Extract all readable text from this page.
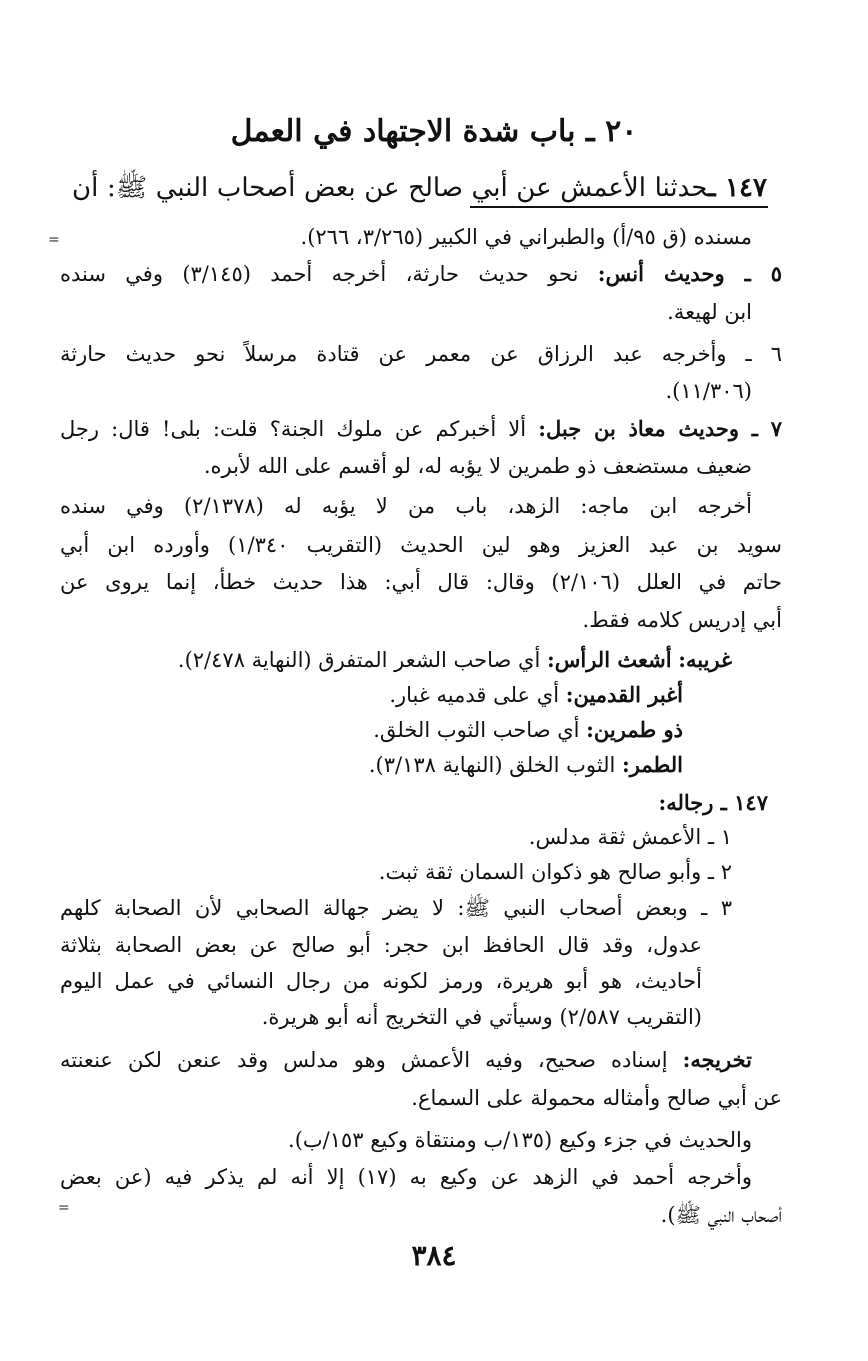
٢٠ ـ باب شدة الاجتهاد في العمل
١٤٧ ـحدثنا الأعمش عن أبي صالح عن بعض أصحاب النبي ﷺ: أن
=	مسنده (ق ٩٥/أ) والطبراني في الكبير (٣/٢٦٥، ٢٦٦).
٥ ـ وحديث أنس: نحو حديث حارثة، أخرجه أحمد (٣/١٤٥) وفي سنده
ابن لهيعة.
٦ ـ وأخرجه عبد الرزاق عن معمر عن قتادة مرسلاً نحو حديث حارثة
(١١/٣٠٦).
٧ ـ وحديث معاذ بن جبل: ألا أخبركم عن ملوك الجنة؟ قلت: بلى! قال: رجل
ضعيف مستضعف ذو طمرين لا يؤبه له، لو أقسم على الله لأبره.
أخرجه ابن ماجه: الزهد، باب من لا يؤبه له (٢/١٣٧٨) وفي سنده
سويد بن عبد العزيز وهو لين الحديث (التقريب ١/٣٤٠) وأورده ابن أبي
حاتم في العلل (٢/١٠٦) وقال: قال أبي: هذا حديث خطأ، إنما يروى عن
أبي إدريس كلامه فقط.
غريبه: أشعث الرأس: أي صاحب الشعر المتفرق (النهاية ٢/٤٧٨).
أغبر القدمين: أي على قدميه غبار.
ذو طمرين: أي صاحب الثوب الخلق.
الطمر: الثوب الخلق (النهاية ٣/١٣٨).
١٤٧ ـ رجاله:
١ ـ الأعمش ثقة مدلس.
٢ ـ وأبو صالح هو ذكوان السمان ثقة ثبت.
٣ ـ وبعض أصحاب النبي ﷺ: لا يضر جهالة الصحابي لأن الصحابة كلهم
عدول، وقد قال الحافظ ابن حجر: أبو صالح عن بعض الصحابة بثلاثة
أحاديث، هو أبو هريرة، ورمز لكونه من رجال النسائي في عمل اليوم
(التقريب ٢/٥٨٧) وسيأتي في التخريج أنه أبو هريرة.
تخريجه: إسناده صحيح، وفيه الأعمش وهو مدلس وقد عنعن لكن عنعنته
عن أبي صالح وأمثاله محمولة على السماع.
والحديث في جزء وكيع (١٣٥/ب ومنتقاة وكيع ١٥٣/ب).
وأخرجه أحمد في الزهد عن وكيع به (١٧) إلا أنه لم يذكر فيه (عن بعض
أصحاب النبي ﷺ).
=
٣٨٤
